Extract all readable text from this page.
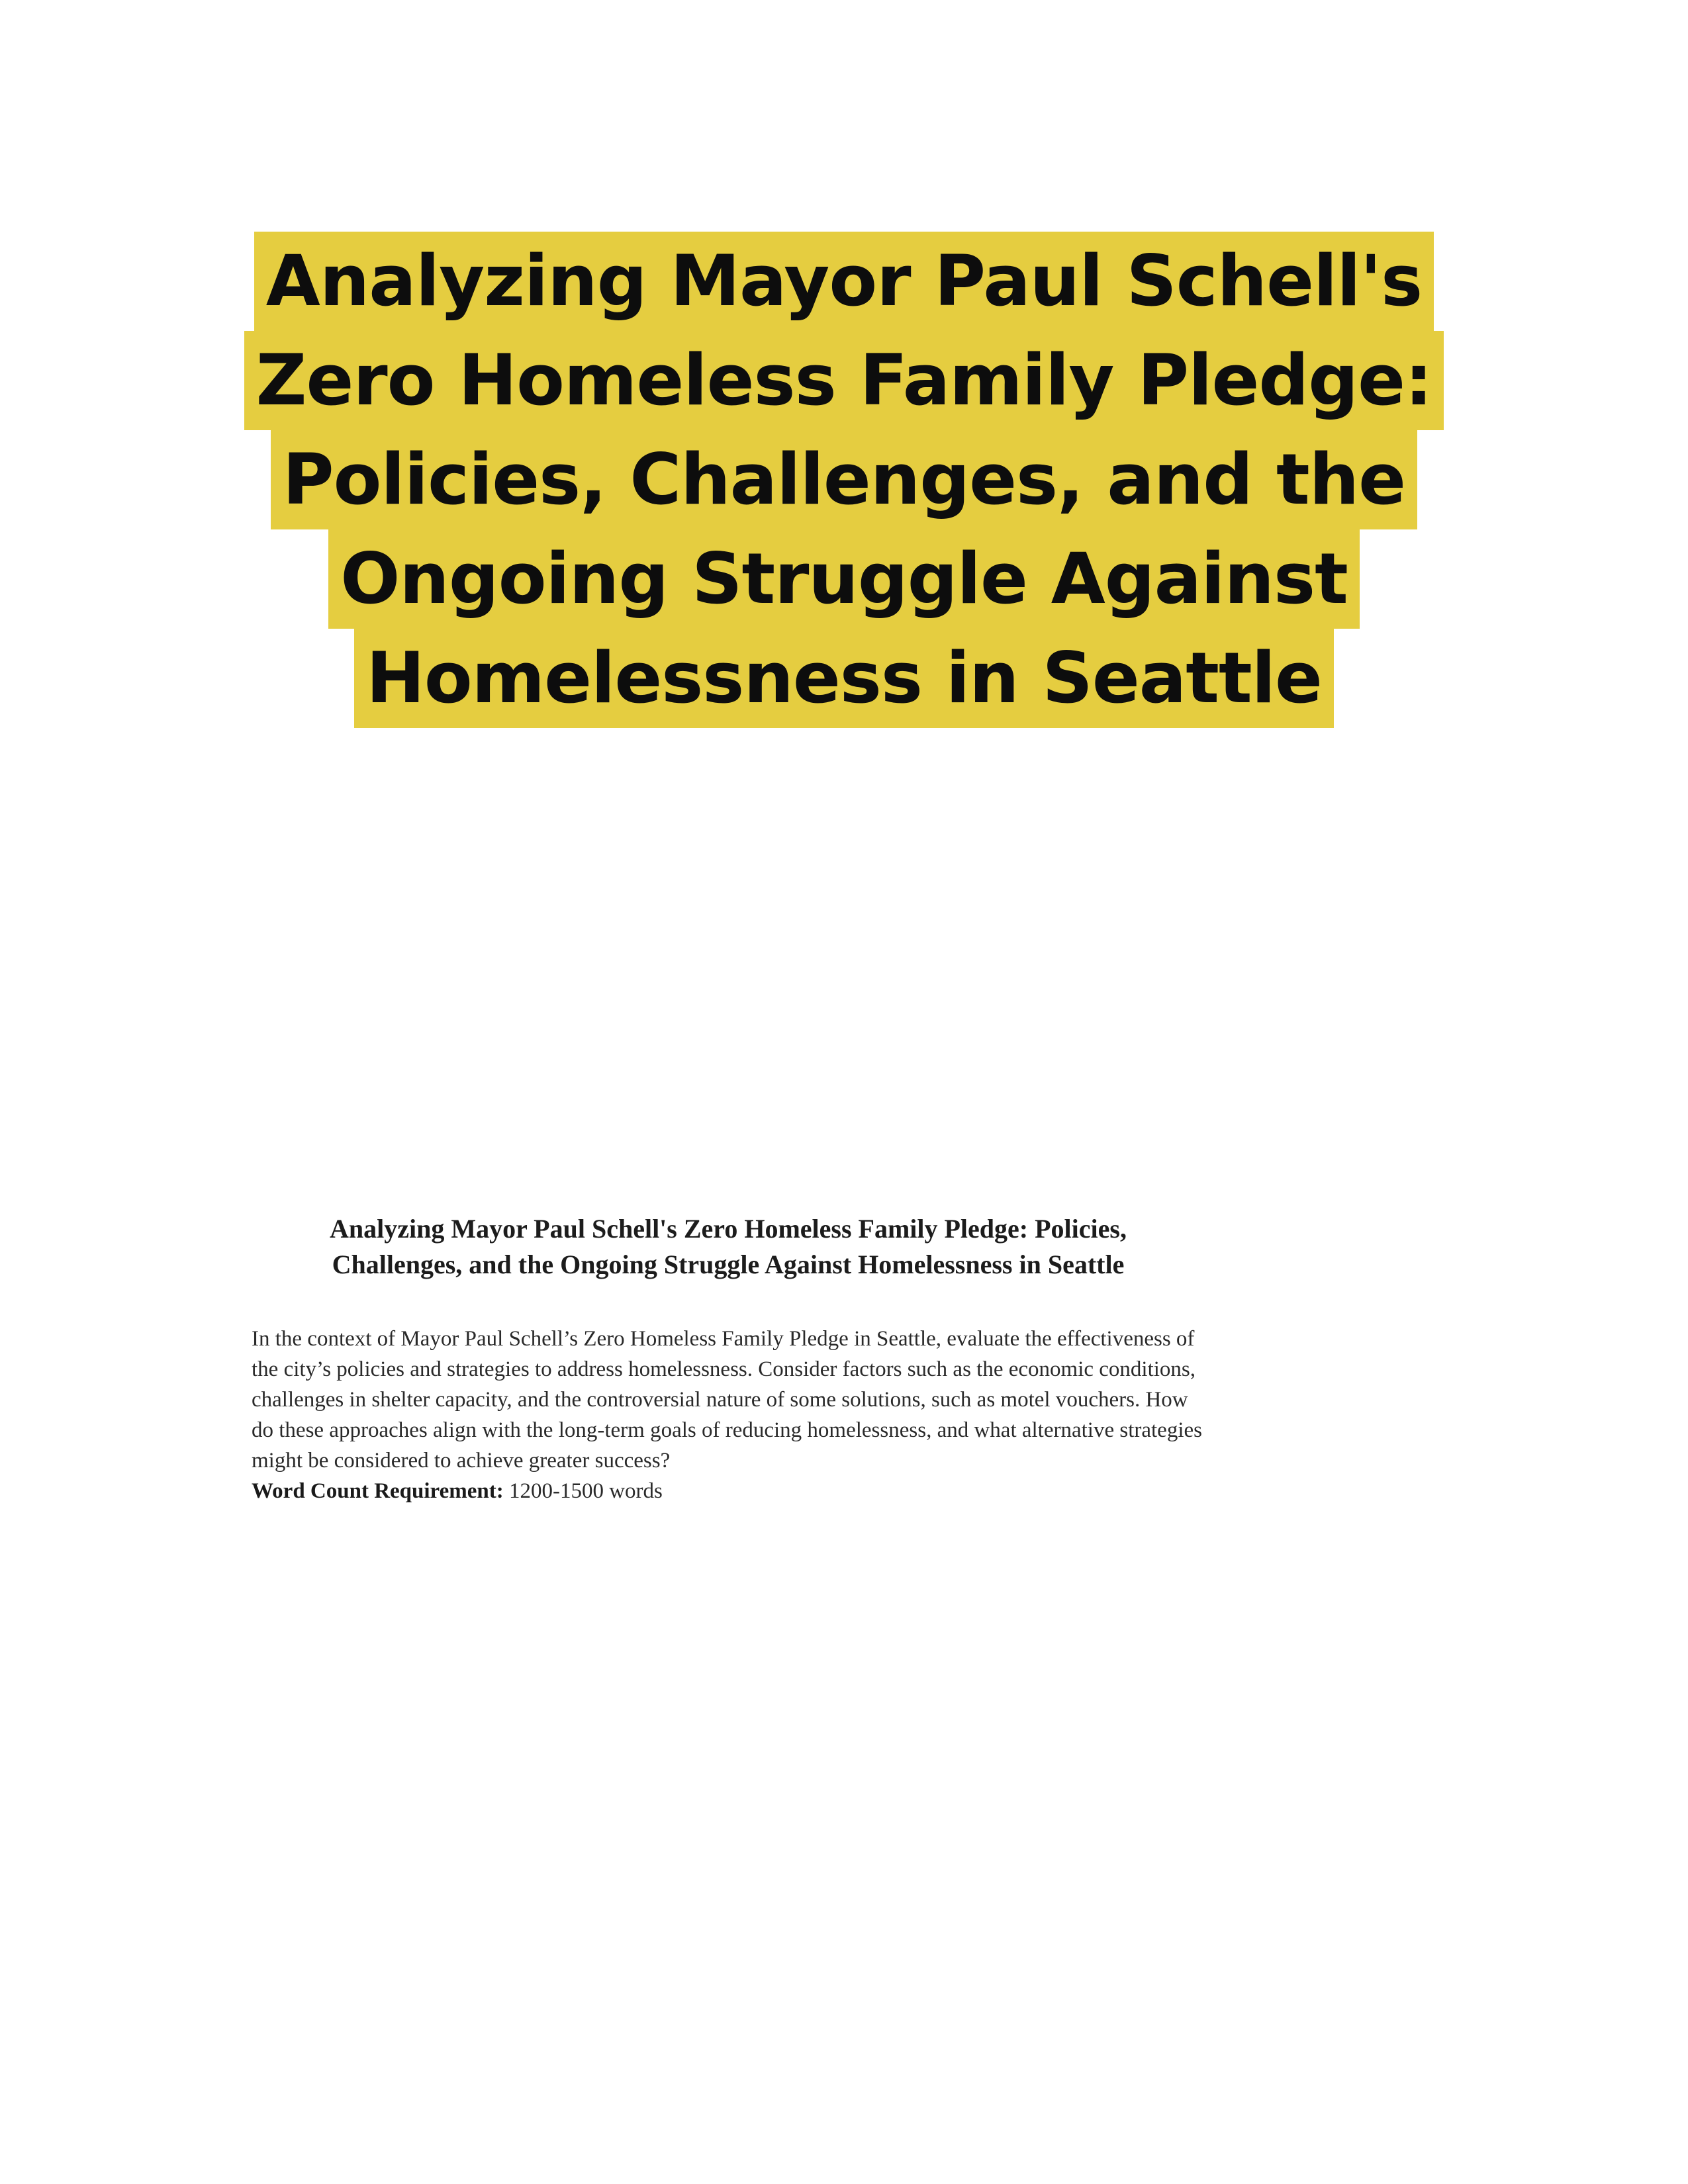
Analyzing Mayor Paul Schell's
Zero Homeless Family Pledge:
Policies, Challenges, and the
Ongoing Struggle Against
Homelessness in Seattle
Analyzing Mayor Paul Schell's Zero Homeless Family Pledge: Policies,
Challenges, and the Ongoing Struggle Against Homelessness in Seattle

In the context of Mayor Paul Schell’s Zero Homeless Family Pledge in Seattle, evaluate the effectiveness of the city’s policies and strategies to address homelessness. Consider factors such as the economic conditions, challenges in shelter capacity, and the controversial nature of some solutions, such as motel vouchers. How do these approaches align with the long-term goals of reducing homelessness, and what alternative strategies might be considered to achieve greater success?

Word Count Requirement: 1200-1500 words
